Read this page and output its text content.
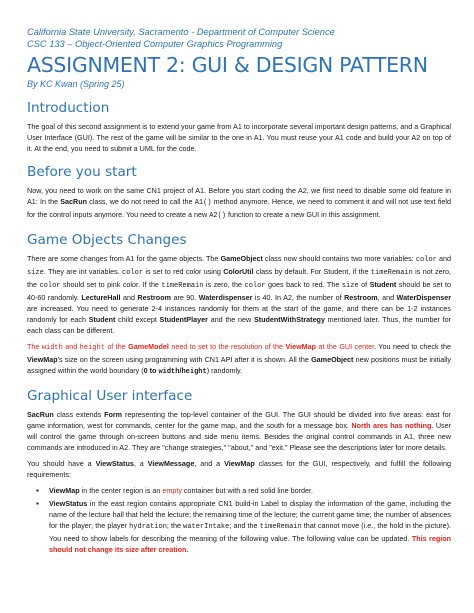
California State University, Sacramento - Department of Computer Science
CSC 133 – Object-Oriented Computer Graphics Programming
ASSIGNMENT 2: GUI & DESIGN PATTERN
By KC Kwan (Spring 25)
Introduction

The goal of this second assignment is to extend your game from A1 to incorporate several important design patterns, and a Graphical User Interface (GUI). The rest of the game will be similar to the one in A1. You must reuse your A1 code and build your A2 on top of it. At the end, you need to submit a UML for the code.

Before you start

Now, you need to work on the same CN1 project of A1. Before you start coding the A2, we first need to disable some old feature in A1: In the SacRun class, we do not need to call the A1() method anymore. Hence, we need to comment it and will not use text field for the control inputs anymore. You need to create a new A2() function to create a new GUI in this assignment.

Game Objects Changes

There are some changes from A1 for the game objects. The GameObject class now should contains two more variables: color and size. They are int variables. color is set to red color using ColorUtil class by default. For Student, if the timeRemain is not zero, the color should set to pink color. If the timeRemain is zero, the color goes back to red. The size of Student should be set to 40-60 randomly. LectureHall and Restroom are 90. Waterdispenser is 40. In A2, the number of Restroom, and WaterDispenser are increased. You need to generate 2-4 instances randomly for them at the start of the game, and there can be 1-2 instances randomly for each Student child except StudentPlayer and the new StudentWithStrategy mentioned later. Thus, the number for each class can be different.

The width and height of the GameModel need to set to the resolution of the ViewMap at the GUI center. You need to check the ViewMap's size on the screen using programming with CN1 API after it is shown. All the GameObject new positions must be initially assigned within the world boundary (0 to width/height) randomly.

Graphical User interface

SacRun class extends Form representing the top-level container of the GUI. The GUI should be divided into five areas: east for game information, west for commands, center for the game map, and the south for a message box. North ares has nothing. User will control the game through on-screen buttons and side menu items. Besides the original control commands in A1, three new commands are introduced in A2. They are "change strategies," "about," and "exit." Please see the descriptions later for more details.

You should have a ViewStatus, a ViewMessage, and a ViewMap classes for the GUI, respectively, and fulfill the following requirements:

▪ ViewMap in the center region is an empty container but with a red solid line border.
▪ ViewStatus in the east region contains appropriate CN1 build-in Label to display the information of the game, including the name of the lecture hall that held the lecture; the remaining time of the lecture; the current game time; the number of absences for the player; the player hydration; the waterIntake; and the timeRemain that cannot move (i.e., the hold in the picture). You need to show labels for describing the meaning of the following value. The following value can be updated. This region should not change its size after creation.
